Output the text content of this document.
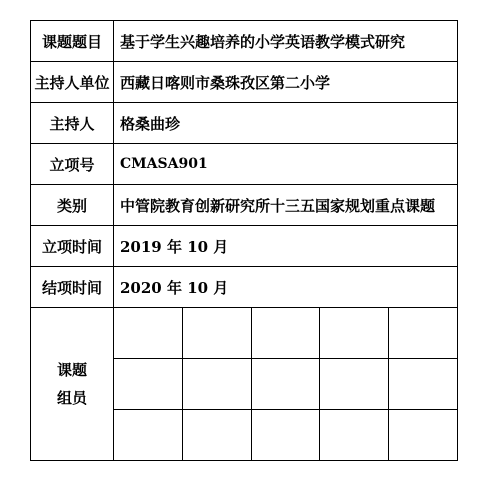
课题题目	基于学生兴趣培养的小学英语教学模式研究
主持人单位	西藏日喀则市桑珠孜区第二小学
主持人	格桑曲珍
立项号	CMASA901
类别	中管院教育创新研究所十三五国家规划重点课题
立项时间	2019 年 10 月
结项时间	2020 年 10 月

课题
组员
